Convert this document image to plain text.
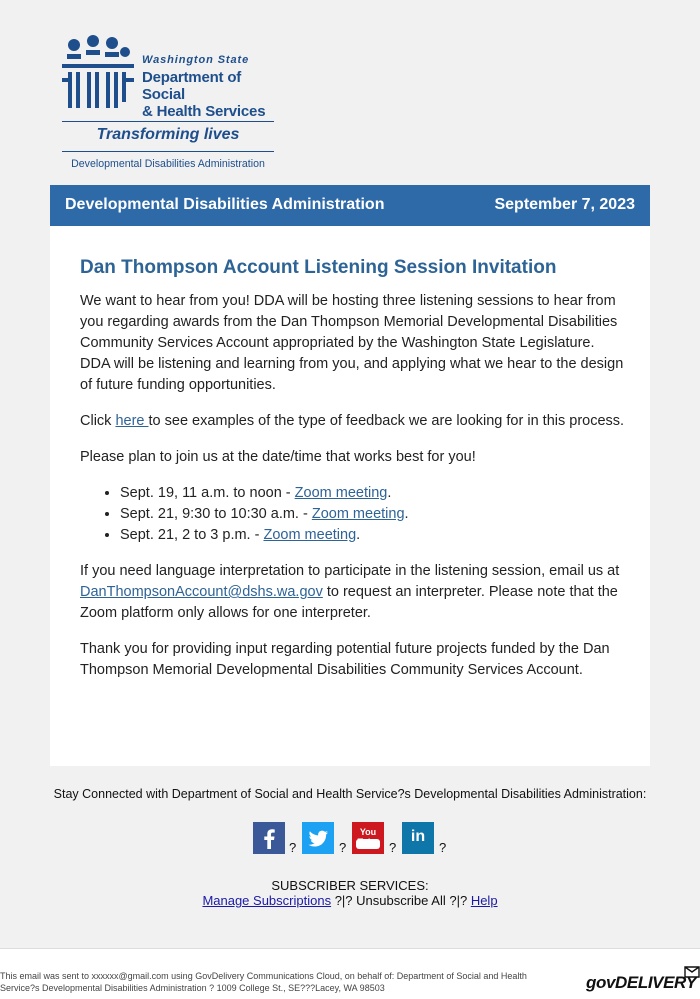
Washington State
Department of Social
& Health Services
Transforming lives
Developmental Disabilities Administration
Developmental Disabilities Administration	September 7, 2023
Dan Thompson Account Listening Session Invitation

We want to hear from you! DDA will be hosting three listening sessions to hear from you regarding awards from the Dan Thompson Memorial Developmental Disabilities Community Services Account appropriated by the Washington State Legislature. DDA will be listening and learning from you, and applying what we hear to the design of future funding opportunities.

Click here to see examples of the type of feedback we are looking for in this process.

Please plan to join us at the date/time that works best for you!

• Sept. 19, 11 a.m. to noon - Zoom meeting.
• Sept. 21, 9:30 to 10:30 a.m. - Zoom meeting.
• Sept. 21, 2 to 3 p.m. - Zoom meeting.

If you need language interpretation to participate in the listening session, email us at DanThompsonAccount@dshs.wa.gov to request an interpreter. Please note that the Zoom platform only allows for one interpreter.

Thank you for providing input regarding potential future projects funded by the Dan Thompson Memorial Developmental Disabilities Community Services Account.

Stay Connected with Department of Social and Health Service?s Developmental Disabilities Administration:
?	?
You Tube ?
in
?
SUBSCRIBER SERVICES:
Manage Subscriptions ?|? Unsubscribe All ?|? Help
This email was sent to xxxxxx@gmail.com using GovDelivery Communications Cloud, on behalf of: Department of Social and Health Service?s Developmental Disabilities Administration ? 1009 College St., SE???Lacey, WA 98503	govDELIVERY
